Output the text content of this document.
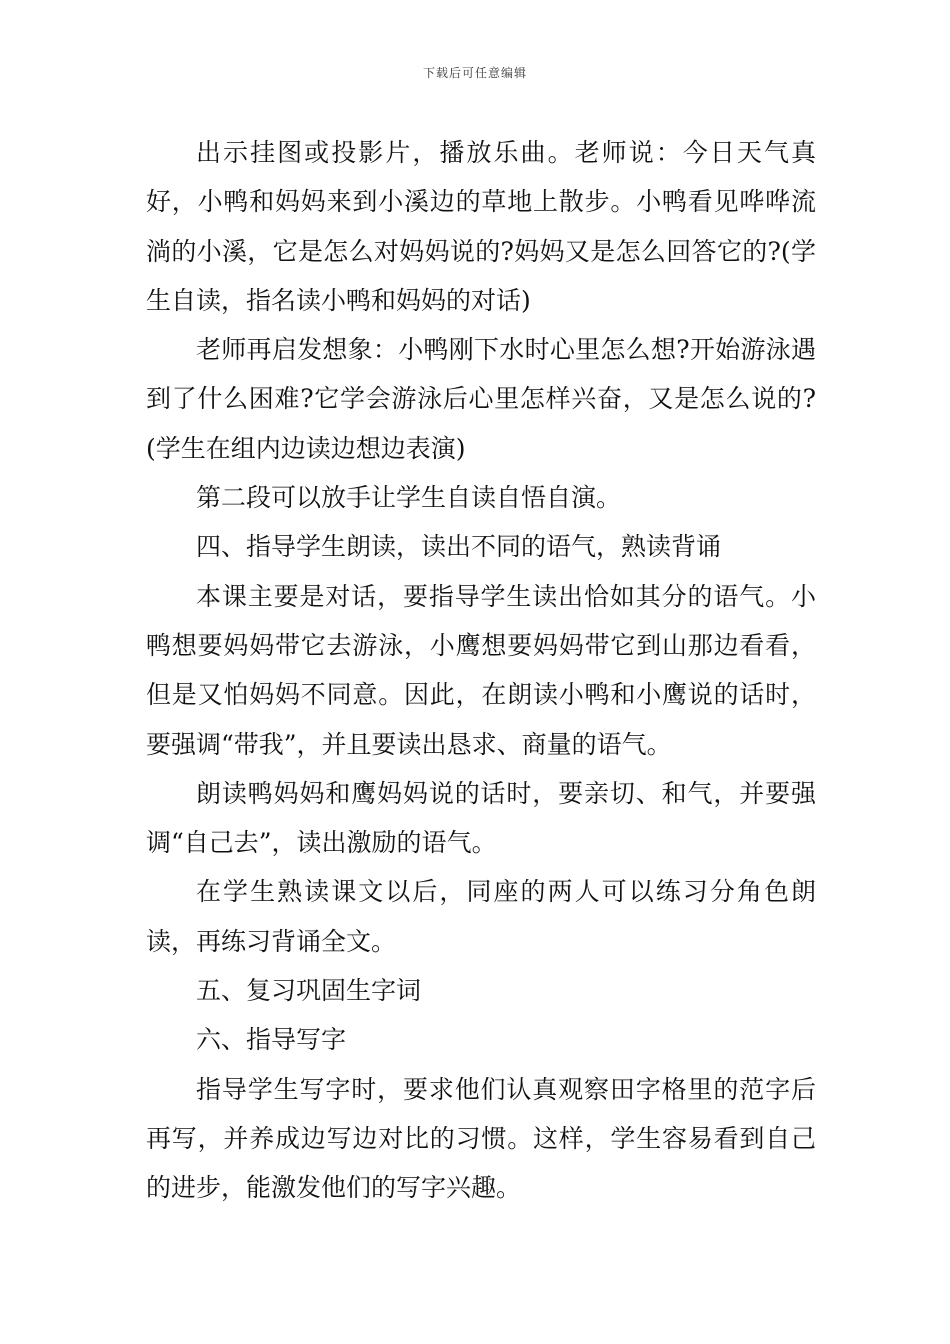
下载后可任意编辑

出示挂图或投影片，播放乐曲。老师说：今日天气真好，小鸭和妈妈来到小溪边的草地上散步。小鸭看见哗哗流淌的小溪，它是怎么对妈妈说的?妈妈又是怎么回答它的?(学生自读，指名读小鸭和妈妈的对话)

老师再启发想象：小鸭刚下水时心里怎么想?开始游泳遇到了什么困难?它学会游泳后心里怎样兴奋，又是怎么说的?(学生在组内边读边想边表演)

第二段可以放手让学生自读自悟自演。

四、指导学生朗读，读出不同的语气，熟读背诵

本课主要是对话，要指导学生读出恰如其分的语气。小鸭想要妈妈带它去游泳，小鹰想要妈妈带它到山那边看看，但是又怕妈妈不同意。因此，在朗读小鸭和小鹰说的话时，要强调“带我”，并且要读出恳求、商量的语气。

朗读鸭妈妈和鹰妈妈说的话时，要亲切、和气，并要强调“自己去”，读出激励的语气。

在学生熟读课文以后，同座的两人可以练习分角色朗读，再练习背诵全文。

五、复习巩固生字词

六、指导写字

指导学生写字时，要求他们认真观察田字格里的范字后再写，并养成边写边对比的习惯。这样，学生容易看到自己的进步，能激发他们的写字兴趣。
